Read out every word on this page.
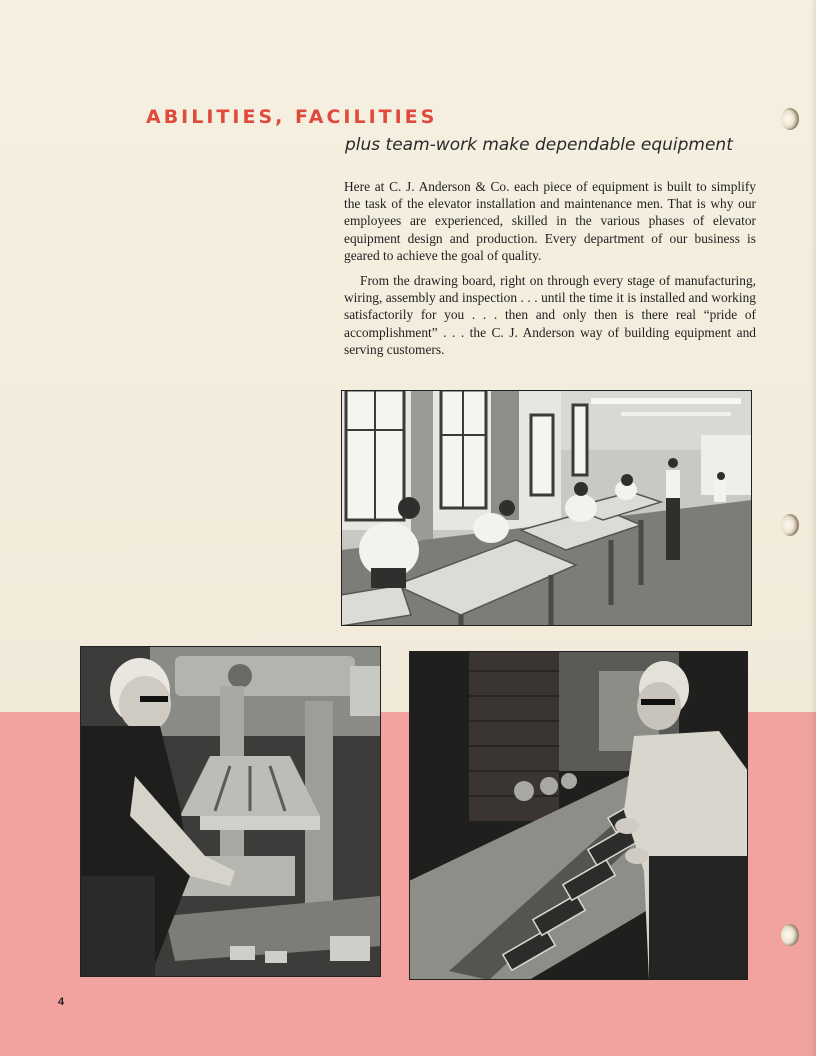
ABILITIES, FACILITIES
plus team-work make dependable equipment

Here at C. J. Anderson & Co. each piece of equipment is built to simplify the task of the elevator installation and maintenance men. That is why our employees are experienced, skilled in the various phases of elevator equipment design and production. Every department of our business is geared to achieve the goal of quality.

From the drawing board, right on through every stage of manufacturing, wiring, assembly and inspection . . . until the time it is installed and working satisfactorily for you . . . then and only then is there real “pride of accomplishment” . . . the C. J. Anderson way of building equipment and serving customers.

4
